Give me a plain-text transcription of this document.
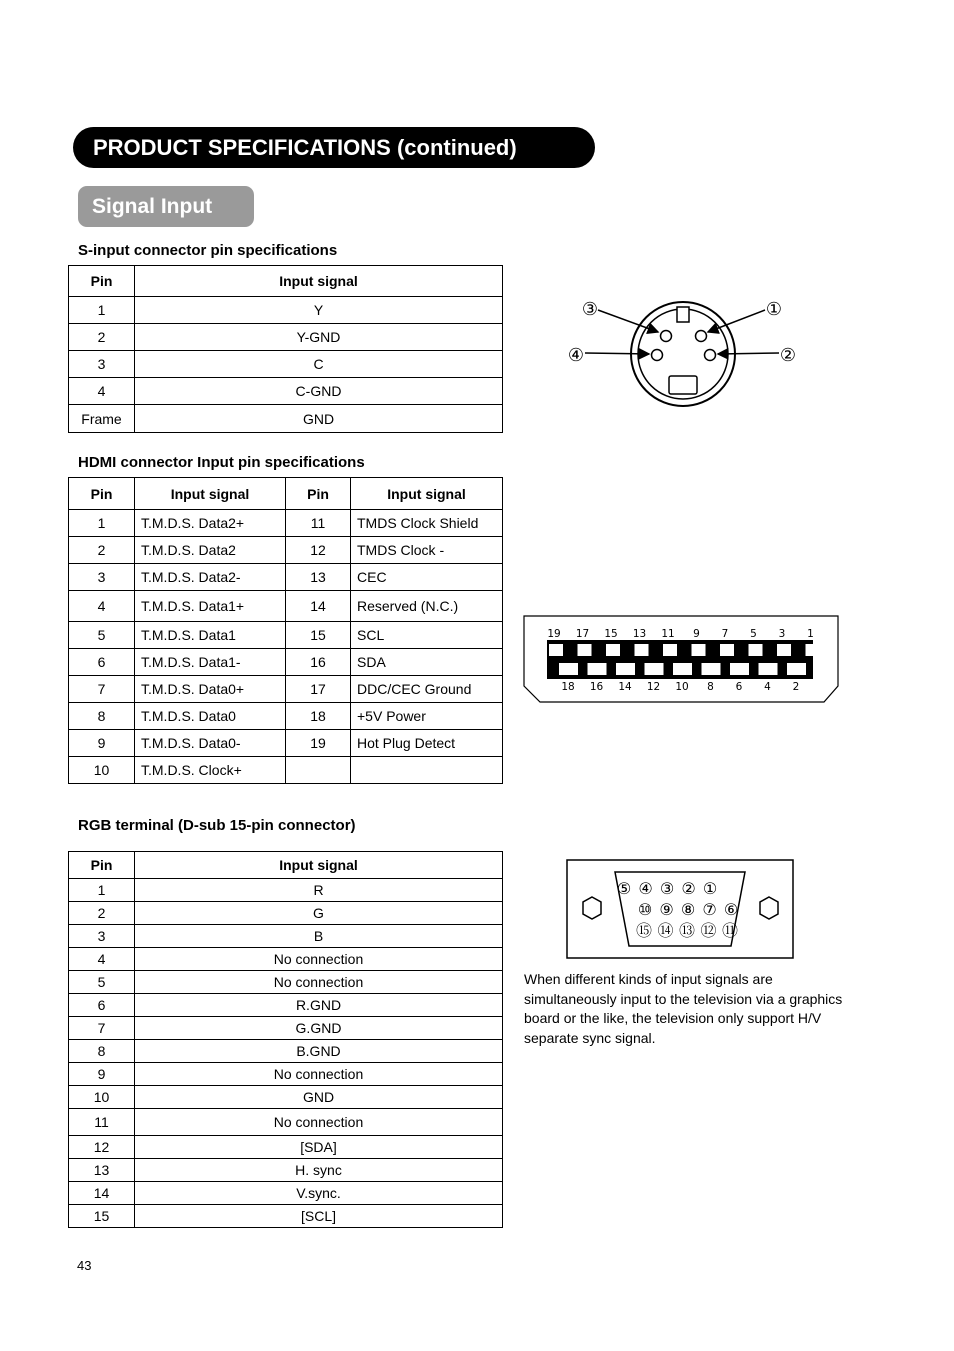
PRODUCT SPECIFICATIONS (continued)
Signal Input
S-input connector pin specifications
Pin	Input signal
1	Y
2	Y-GND
3	C
4	C-GND
Frame	GND
③	①
④	②
HDMI connector Input pin specifications
Pin	Input signal	Pin	Input signal
1	T.M.D.S. Data2+	11	TMDS Clock Shield
2	T.M.D.S. Data2	12	TMDS Clock -
3	T.M.D.S. Data2-	13	CEC
4	T.M.D.S. Data1+	14	Reserved (N.C.)
5	T.M.D.S. Data1	15	SCL
6	T.M.D.S. Data1-	16	SDA
7	T.M.D.S. Data0+	17	DDC/CEC Ground
8	T.M.D.S. Data0	18	+5V Power
9	T.M.D.S. Data0-	19	Hot Plug Detect
10	T.M.D.S. Clock+		
19 17 15 13 11 9 7 5 3 1
18 16 14 12 10 8 6 4 2
RGB terminal (D-sub 15-pin connector)
Pin	Input signal
1	R
2	G
3	B
4	No connection
5	No connection
6	R.GND
7	G.GND
8	B.GND
9	No connection
10	GND
11	No connection
12	[SDA]
13	H. sync
14	V.sync.
15	[SCL]
⑤ ④ ③ ② ①
⑩ ⑨ ⑧ ⑦ ⑥
⑮ ⑭ ⑬ ⑫ ⑪
When different kinds of input signals are simultaneously input to the television via a graphics board or the like, the television only support H/V separate sync signal.
43
